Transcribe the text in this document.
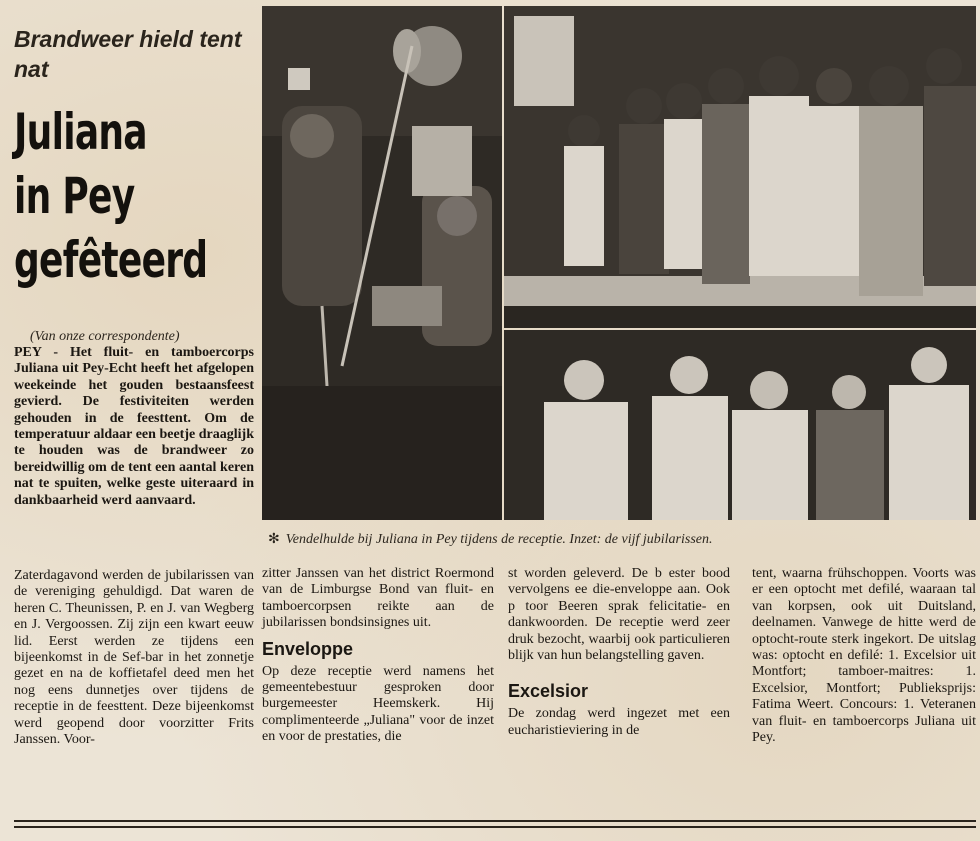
Brandweer hield tent nat
Juliana in Pey gefêteerd
(Van onze correspondente)
PEY - Het fluit- en tamboercorps Juliana uit Pey-Echt heeft het afgelopen weekeinde het gouden bestaansfeest gevierd. De festiviteiten werden gehouden in de feesttent. Om de temperatuur aldaar een beetje draaglijk te houden was de brandweer zo bereidwillig om de tent een aantal keren nat te spuiten, welke geste uiteraard in dankbaarheid werd aanvaard.
✻ Vendelhulde bij Juliana in Pey tijdens de receptie. Inzet: de vijf jubilarissen.
Zaterdagavond werden de jubilarissen van de vereniging gehuldigd. Dat waren de heren C. Theunissen, P. en J. van Wegberg en J. Vergoossen. Zij zijn een kwart eeuw lid. Eerst werden ze tijdens een bijeenkomst in de Sef-bar in het zonnetje gezet en na de koffietafel deed men het nog eens dunnetjes over tijdens de receptie in de feesttent. Deze bijeenkomst werd geopend door voorzitter Frits Janssen. Voor-
zitter Janssen van het district Roermond van de Limburgse Bond van fluit- en tamboercorpsen reikte aan de jubilarissen bondsinsignes uit.
Enveloppe
Op deze receptie werd namens het gemeentebestuur gesproken door burgemeester Heemskerk. Hij complimenteerde „Juliana" voor de inzet en voor de prestaties, die
st worden geleverd. De b ester bood vervolgens ee die-enveloppe aan. Ook p toor Beeren sprak felicitatie- en dankwoorden. De receptie werd zeer druk bezocht, waarbij ook particulieren blijk van hun belangstelling gaven.
Excelsior
De zondag werd ingezet met een eucharistieviering in de
tent, waarna frühschoppen. Voorts was er een optocht met defilé, waaraan tal van korpsen, ook uit Duitsland, deelnamen. Vanwege de hitte werd de optocht-route sterk ingekort. De uitslag was: optocht en defilé: 1. Excelsior uit Montfort; tamboer-maitres: 1. Excelsior, Montfort; Publieksprijs: Fatima Weert. Concours: 1. Veteranen van fluit- en tamboercorps Juliana uit Pey.
